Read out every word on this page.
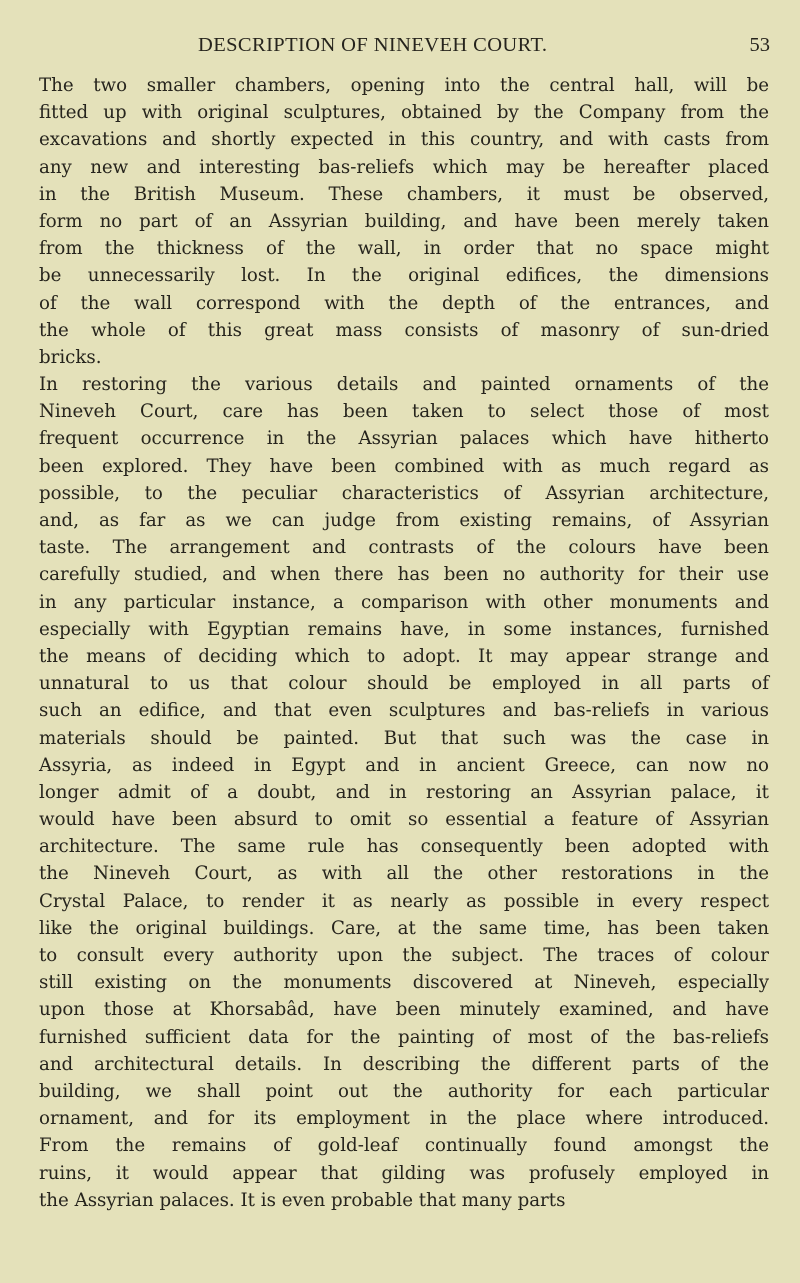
DESCRIPTION OF NINEVEH COURT.	53
The two smaller chambers, opening into the central hall, will be
fitted up with original sculptures, obtained by the Company from the
excavations and shortly expected in this country, and with casts from
any new and interesting bas-reliefs which may be hereafter placed
in the British Museum. These chambers, it must be observed,
form no part of an Assyrian building, and have been merely taken
from the thickness of the wall, in order that no space might
be unnecessarily lost. In the original edifices, the dimensions
of the wall correspond with the depth of the entrances, and
the whole of this great mass consists of masonry of sun-dried
bricks.
In restoring the various details and painted ornaments of the
Nineveh Court, care has been taken to select those of most
frequent occurrence in the Assyrian palaces which have hitherto
been explored. They have been combined with as much regard as
possible, to the peculiar characteristics of Assyrian architecture,
and, as far as we can judge from existing remains, of Assyrian
taste. The arrangement and contrasts of the colours have been
carefully studied, and when there has been no authority for their use
in any particular instance, a comparison with other monuments and
especially with Egyptian remains have, in some instances, furnished
the means of deciding which to adopt. It may appear strange and
unnatural to us that colour should be employed in all parts of
such an edifice, and that even sculptures and bas-reliefs in various
materials should be painted. But that such was the case in
Assyria, as indeed in Egypt and in ancient Greece, can now no
longer admit of a doubt, and in restoring an Assyrian palace, it
would have been absurd to omit so essential a feature of Assyrian
architecture. The same rule has consequently been adopted with
the Nineveh Court, as with all the other restorations in the
Crystal Palace, to render it as nearly as possible in every respect
like the original buildings. Care, at the same time, has been taken
to consult every authority upon the subject. The traces of colour
still existing on the monuments discovered at Nineveh, especially
upon those at Khorsabâd, have been minutely examined, and have
furnished sufficient data for the painting of most of the bas-reliefs
and architectural details. In describing the different parts of the
building, we shall point out the authority for each particular
ornament, and for its employment in the place where introduced.
From the remains of gold-leaf continually found amongst the
ruins, it would appear that gilding was profusely employed in
the Assyrian palaces. It is even probable that many parts
